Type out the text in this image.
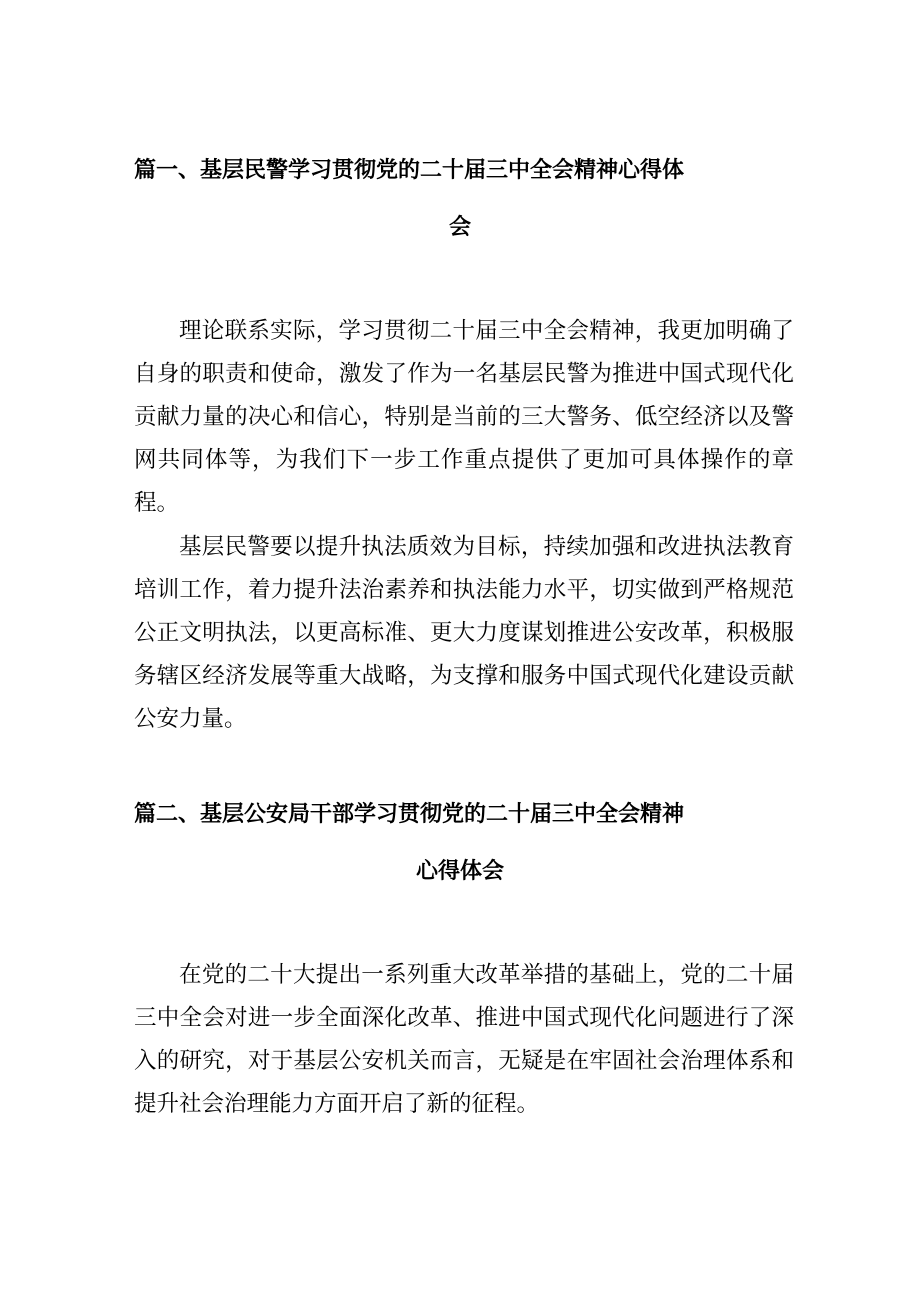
篇一、基层民警学习贯彻党的二十届三中全会精神心得体
会

理论联系实际，学习贯彻二十届三中全会精神，我更加明确了自身的职责和使命，激发了作为一名基层民警为推进中国式现代化贡献力量的决心和信心，特别是当前的三大警务、低空经济以及警网共同体等，为我们下一步工作重点提供了更加可具体操作的章程。

基层民警要以提升执法质效为目标，持续加强和改进执法教育培训工作，着力提升法治素养和执法能力水平，切实做到严格规范公正文明执法，以更高标准、更大力度谋划推进公安改革，积极服务辖区经济发展等重大战略，为支撑和服务中国式现代化建设贡献公安力量。

篇二、基层公安局干部学习贯彻党的二十届三中全会精神
心得体会

在党的二十大提出一系列重大改革举措的基础上，党的二十届三中全会对进一步全面深化改革、推进中国式现代化问题进行了深入的研究，对于基层公安机关而言，无疑是在牢固社会治理体系和提升社会治理能力方面开启了新的征程。
